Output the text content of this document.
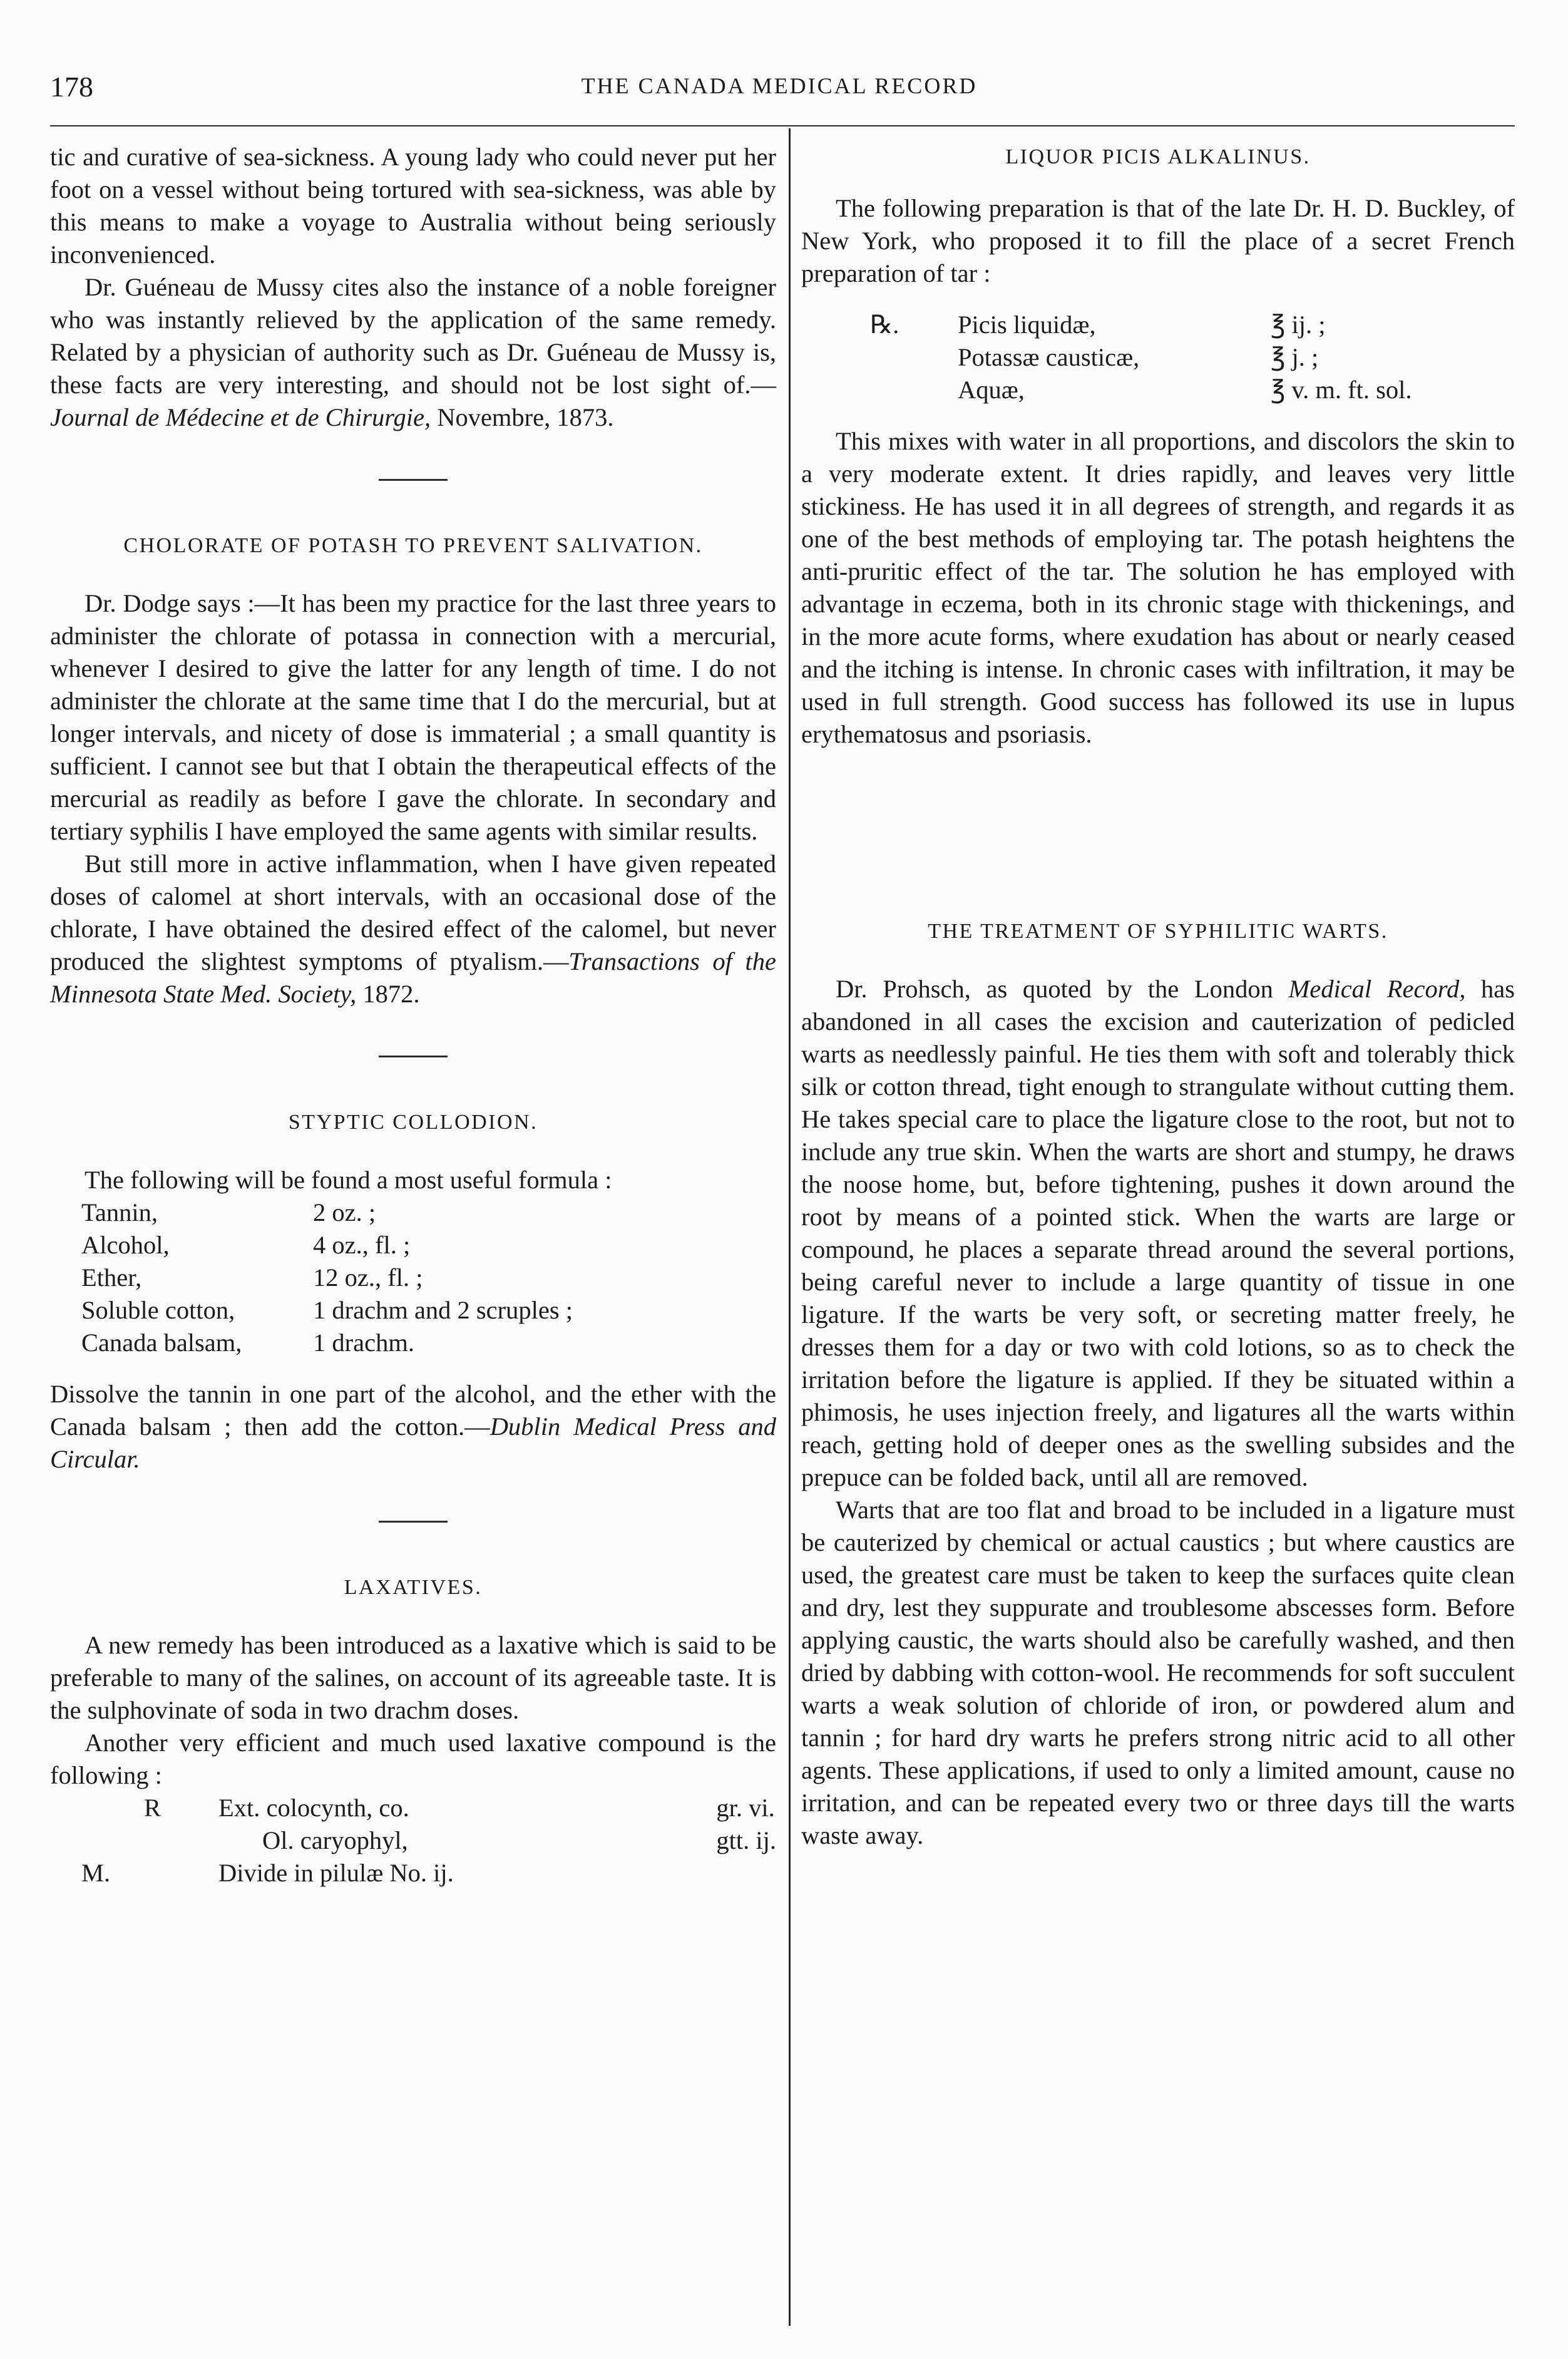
178	THE CANADA MEDICAL RECORD

tic and curative of sea-sickness. A young lady who could never put her foot on a vessel without being tortured with sea-sickness, was able by this means to make a voyage to Australia without being seriously inconvenienced.

Dr. Guéneau de Mussy cites also the instance of a noble foreigner who was instantly relieved by the application of the same remedy. Related by a physician of authority such as Dr. Guéneau de Mussy is, these facts are very interesting, and should not be lost sight of.—Journal de Médecine et de Chirurgie, Novembre, 1873.

CHOLORATE OF POTASH TO PREVENT SALIVATION.

Dr. Dodge says :—It has been my practice for the last three years to administer the chlorate of potassa in connection with a mercurial, whenever I desired to give the latter for any length of time. I do not administer the chlorate at the same time that I do the mercurial, but at longer intervals, and nicety of dose is immaterial ; a small quantity is sufficient. I cannot see but that I obtain the therapeutical effects of the mercurial as readily as before I gave the chlorate. In secondary and tertiary syphilis I have employed the same agents with similar results.

But still more in active inflammation, when I have given repeated doses of calomel at short intervals, with an occasional dose of the chlorate, I have obtained the desired effect of the calomel, but never produced the slightest symptoms of ptyalism.—Transactions of the Minnesota State Med. Society, 1872.

STYPTIC COLLODION.

The following will be found a most useful formula :

Tannin,	2 oz. ;
Alcohol,	4 oz., fl. ;
Ether,	12 oz., fl. ;
Soluble cotton,	1 drachm and 2 scruples ;
Canada balsam,	1 drachm.

Dissolve the tannin in one part of the alcohol, and the ether with the Canada balsam ; then add the cotton.—Dublin Medical Press and Circular.

LAXATIVES.

A new remedy has been introduced as a laxative which is said to be preferable to many of the salines, on account of its agreeable taste. It is the sulphovinate of soda in two drachm doses.

Another very efficient and much used laxative compound is the following :

R	Ext. colocynth, co.	gr. vi.
	Ol. caryophyl,	gtt. ij.
M.	Divide in pilulæ No. ij.	
LIQUOR PICIS ALKALINUS.

The following preparation is that of the late Dr. H. D. Buckley, of New York, who proposed it to fill the place of a secret French preparation of tar :

℞.	Picis liquidæ,	℥ ij. ;
	Potassæ causticæ,	℥ j. ;
	Aquæ,	℥ v. m. ft. sol.

This mixes with water in all proportions, and discolors the skin to a very moderate extent. It dries rapidly, and leaves very little stickiness. He has used it in all degrees of strength, and regards it as one of the best methods of employing tar. The potash heightens the anti-pruritic effect of the tar. The solution he has employed with advantage in eczema, both in its chronic stage with thickenings, and in the more acute forms, where exudation has about or nearly ceased and the itching is intense. In chronic cases with infiltration, it may be used in full strength. Good success has followed its use in lupus erythematosus and psoriasis.

THE TREATMENT OF SYPHILITIC WARTS.

Dr. Prohsch, as quoted by the London Medical Record, has abandoned in all cases the excision and cauterization of pedicled warts as needlessly painful. He ties them with soft and tolerably thick silk or cotton thread, tight enough to strangulate without cutting them. He takes special care to place the ligature close to the root, but not to include any true skin. When the warts are short and stumpy, he draws the noose home, but, before tightening, pushes it down around the root by means of a pointed stick. When the warts are large or compound, he places a separate thread around the several portions, being careful never to include a large quantity of tissue in one ligature. If the warts be very soft, or secreting matter freely, he dresses them for a day or two with cold lotions, so as to check the irritation before the ligature is applied. If they be situated within a phimosis, he uses injection freely, and ligatures all the warts within reach, getting hold of deeper ones as the swelling subsides and the prepuce can be folded back, until all are removed.

Warts that are too flat and broad to be included in a ligature must be cauterized by chemical or actual caustics ; but where caustics are used, the greatest care must be taken to keep the surfaces quite clean and dry, lest they suppurate and troublesome abscesses form. Before applying caustic, the warts should also be carefully washed, and then dried by dabbing with cotton-wool. He recommends for soft succulent warts a weak solution of chloride of iron, or powdered alum and tannin ; for hard dry warts he prefers strong nitric acid to all other agents. These applications, if used to only a limited amount, cause no irritation, and can be repeated every two or three days till the warts waste away.
